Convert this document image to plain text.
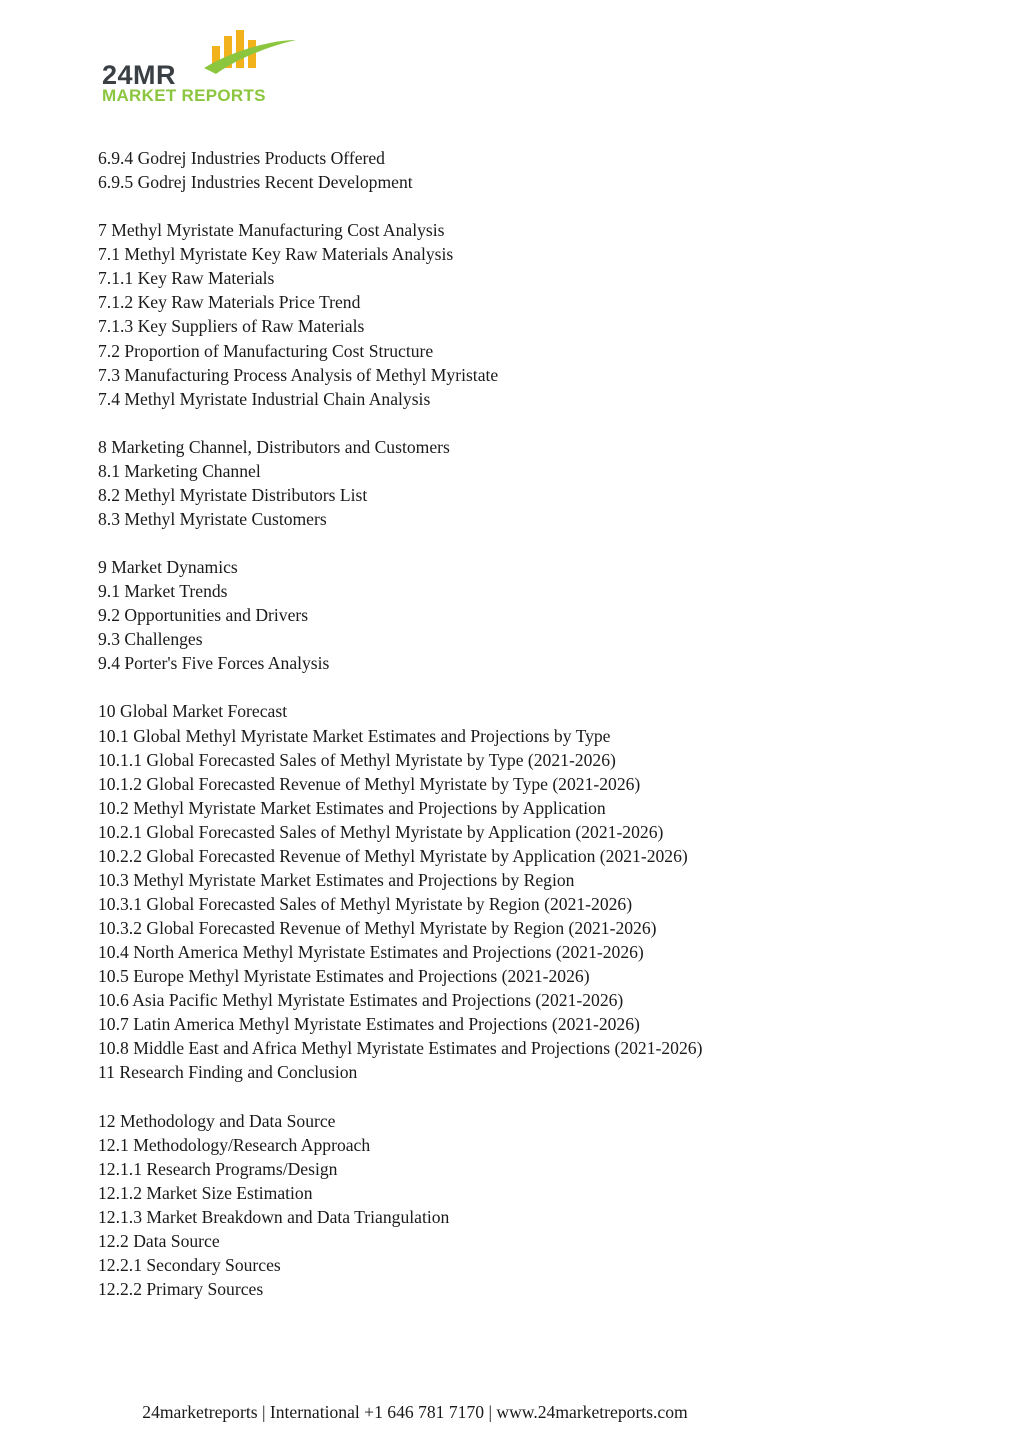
24MR
MARKET REPORTS
6.9.4 Godrej Industries Products Offered
6.9.5 Godrej Industries Recent Development
7 Methyl Myristate Manufacturing Cost Analysis
7.1 Methyl Myristate Key Raw Materials Analysis
7.1.1 Key Raw Materials
7.1.2 Key Raw Materials Price Trend
7.1.3 Key Suppliers of Raw Materials
7.2 Proportion of Manufacturing Cost Structure
7.3 Manufacturing Process Analysis of Methyl Myristate
7.4 Methyl Myristate Industrial Chain Analysis
8 Marketing Channel, Distributors and Customers
8.1 Marketing Channel
8.2 Methyl Myristate Distributors List
8.3 Methyl Myristate Customers
9 Market Dynamics
9.1 Market Trends
9.2 Opportunities and Drivers
9.3 Challenges
9.4 Porter's Five Forces Analysis
10 Global Market Forecast
10.1 Global Methyl Myristate Market Estimates and Projections by Type
10.1.1 Global Forecasted Sales of Methyl Myristate by Type (2021-2026)
10.1.2 Global Forecasted Revenue of Methyl Myristate by Type (2021-2026)
10.2 Methyl Myristate Market Estimates and Projections by Application
10.2.1 Global Forecasted Sales of Methyl Myristate by Application (2021-2026)
10.2.2 Global Forecasted Revenue of Methyl Myristate by Application (2021-2026)
10.3 Methyl Myristate Market Estimates and Projections by Region
10.3.1 Global Forecasted Sales of Methyl Myristate by Region (2021-2026)
10.3.2 Global Forecasted Revenue of Methyl Myristate by Region (2021-2026)
10.4 North America Methyl Myristate Estimates and Projections (2021-2026)
10.5 Europe Methyl Myristate Estimates and Projections (2021-2026)
10.6 Asia Pacific Methyl Myristate Estimates and Projections (2021-2026)
10.7 Latin America Methyl Myristate Estimates and Projections (2021-2026)
10.8 Middle East and Africa Methyl Myristate Estimates and Projections (2021-2026)
11 Research Finding and Conclusion
12 Methodology and Data Source
12.1 Methodology/Research Approach
12.1.1 Research Programs/Design
12.1.2 Market Size Estimation
12.1.3 Market Breakdown and Data Triangulation
12.2 Data Source
12.2.1 Secondary Sources
12.2.2 Primary Sources
24marketreports | International +1 646 781 7170 | www.24marketreports.com
